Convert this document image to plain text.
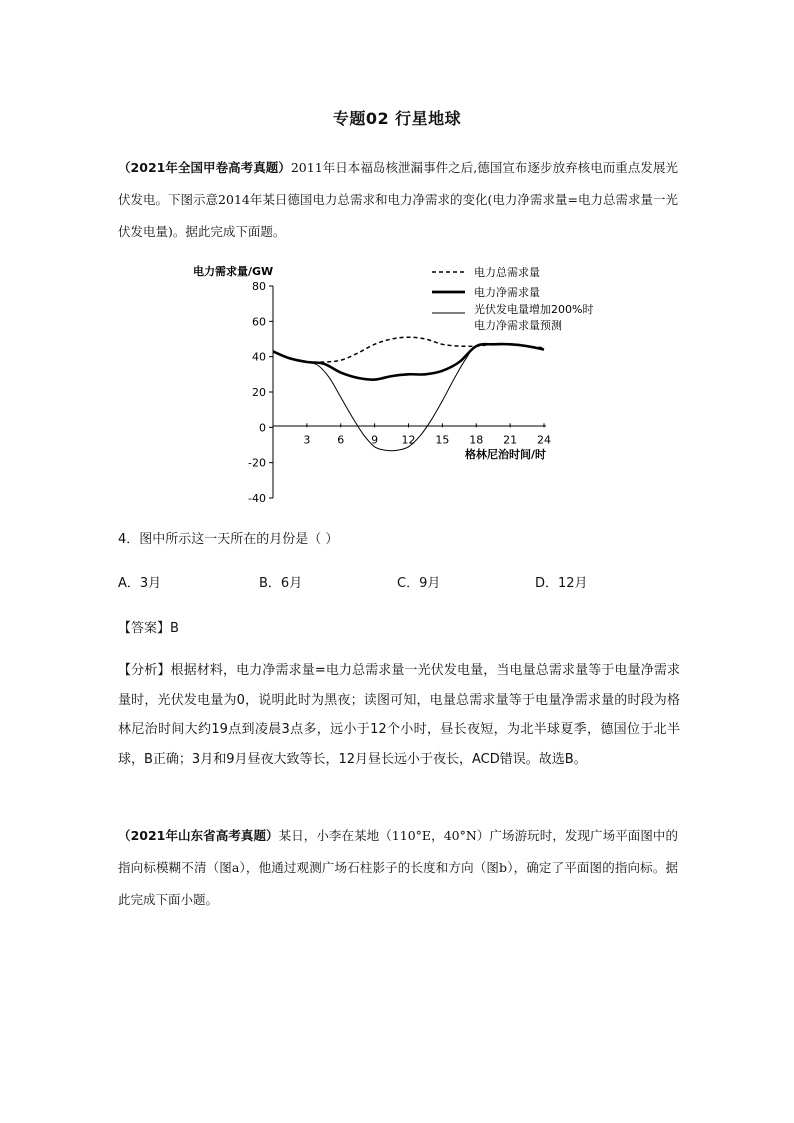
专题02 行星地球
（2021年全国甲卷高考真题）2011年日本福岛核泄漏事件之后,德国宣布逐步放弃核电而重点发展光伏发电。下图示意2014年某日德国电力总需求和电力净需求的变化(电力净需求量=电力总需求量一光伏发电量)。据此完成下面题。
电力需求量/GW
格林尼治时间/时
80
60
40
20
0
-20
-40
3 6 9 12 15 18 21 24
电力总需求量
电力净需求量
光伏发电量增加200%时
电力净需求量预测
4．图中所示这一天所在的月份是（ ）
A．3月	B．6月	C．9月	D．12月
【答案】B
【分析】根据材料，电力净需求量=电力总需求量一光伏发电量，当电量总需求量等于电量净需求量时，光伏发电量为0，说明此时为黑夜；读图可知，电量总需求量等于电量净需求量的时段为格林尼治时间大约19点到凌晨3点多，远小于12个小时，昼长夜短，为北半球夏季，德国位于北半球，B正确；3月和9月昼夜大致等长，12月昼长远小于夜长，ACD错误。故选B。
（2021年山东省高考真题）某日，小李在某地（110°E，40°N）广场游玩时，发现广场平面图中的指向标模糊不清（图a），他通过观测广场石柱影子的长度和方向（图b），确定了平面图的指向标。据此完成下面小题。
